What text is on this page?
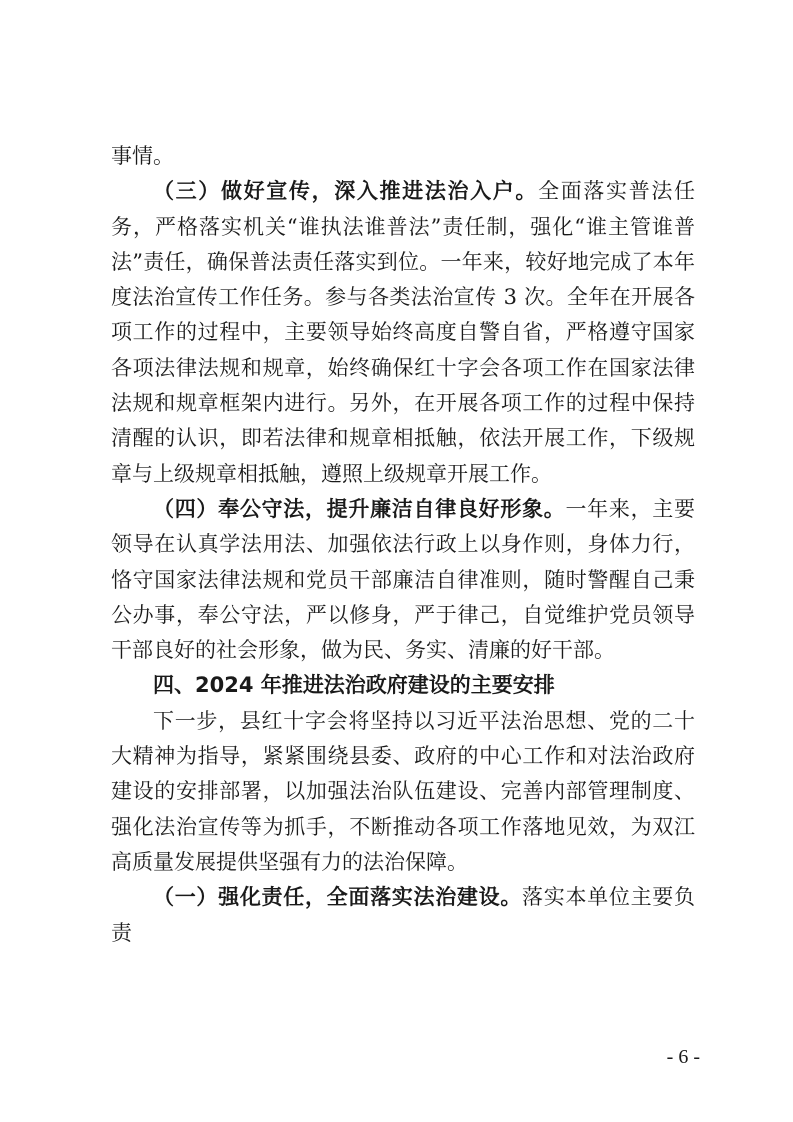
事情。

（三）做好宣传，深入推进法治入户。全面落实普法任务，严格落实机关“谁执法谁普法”责任制，强化“谁主管谁普法”责任，确保普法责任落实到位。一年来，较好地完成了本年度法治宣传工作任务。参与各类法治宣传 3 次。全年在开展各项工作的过程中，主要领导始终高度自警自省，严格遵守国家各项法律法规和规章，始终确保红十字会各项工作在国家法律法规和规章框架内进行。另外，在开展各项工作的过程中保持清醒的认识，即若法律和规章相抵触，依法开展工作，下级规章与上级规章相抵触，遵照上级规章开展工作。

（四）奉公守法，提升廉洁自律良好形象。一年来，主要领导在认真学法用法、加强依法行政上以身作则，身体力行，恪守国家法律法规和党员干部廉洁自律准则，随时警醒自己秉公办事，奉公守法，严以修身，严于律己，自觉维护党员领导干部良好的社会形象，做为民、务实、清廉的好干部。

四、2024 年推进法治政府建设的主要安排

下一步，县红十字会将坚持以习近平法治思想、党的二十大精神为指导，紧紧围绕县委、政府的中心工作和对法治政府建设的安排部署，以加强法治队伍建设、完善内部管理制度、强化法治宣传等为抓手，不断推动各项工作落地见效，为双江高质量发展提供坚强有力的法治保障。

（一）强化责任，全面落实法治建设。落实本单位主要负责

- 6 -
